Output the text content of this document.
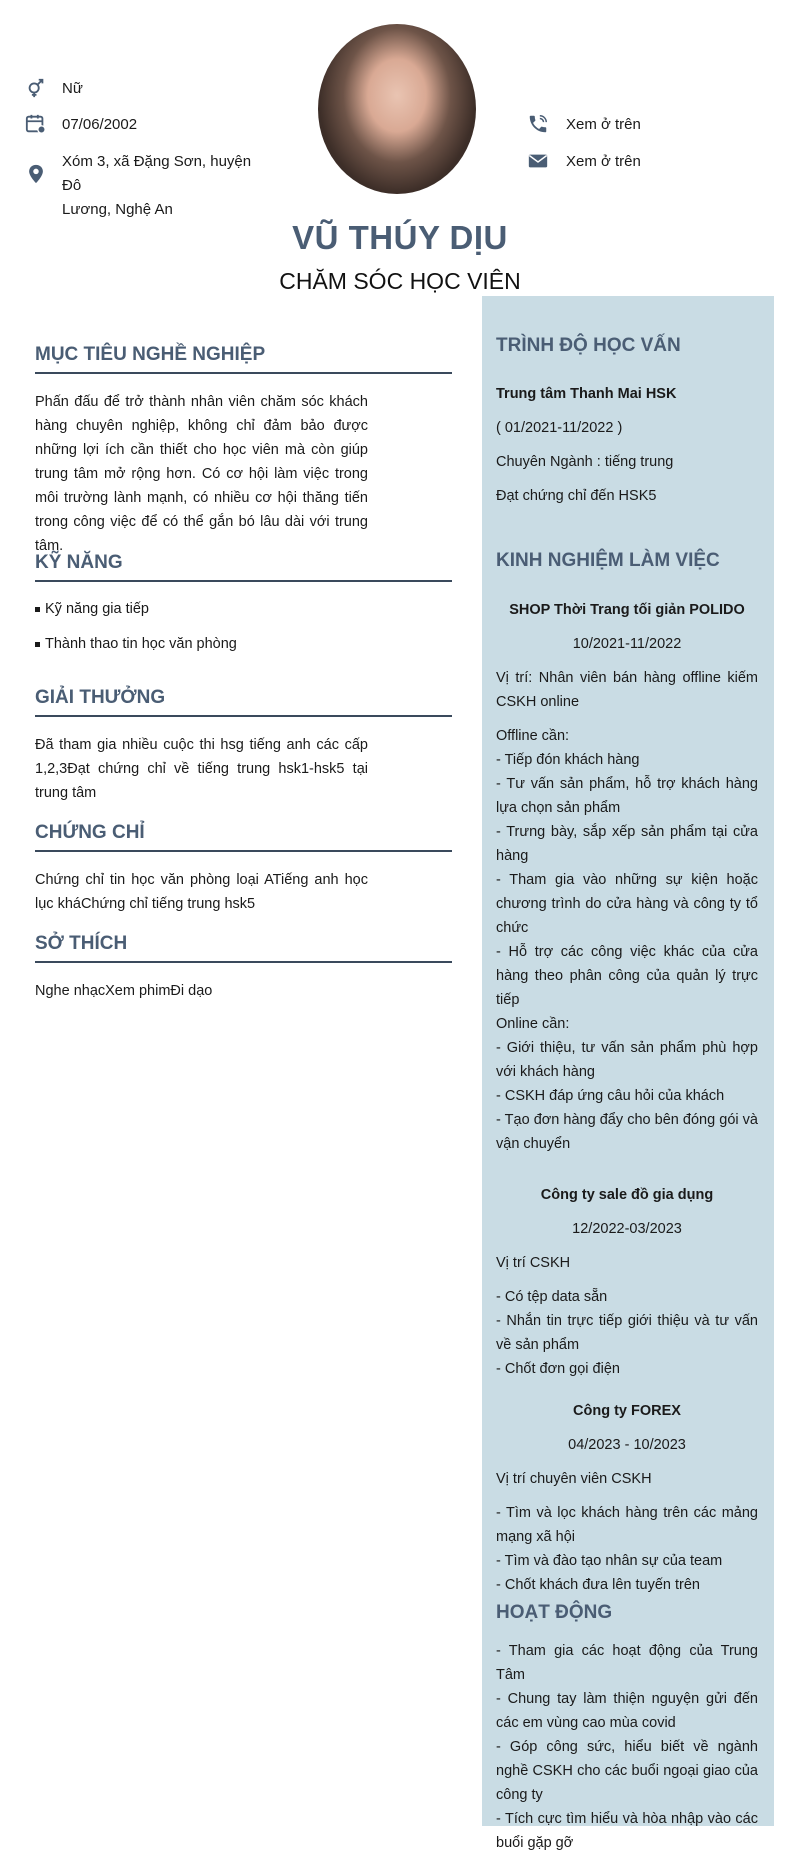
Nữ
07/06/2002
Xóm 3, xã Đặng Sơn, huyện Đô
Lương, Nghệ An
Xem ở trên
Xem ở trên
VŨ THÚY DỊU
CHĂM SÓC HỌC VIÊN
MỤC TIÊU NGHỀ NGHIỆP
Phấn đấu để trở thành nhân viên chăm sóc khách hàng chuyên nghiệp, không chỉ đảm bảo được những lợi ích cần thiết cho học viên mà còn giúp trung tâm mở rộng hơn. Có cơ hội làm việc trong môi trường lành mạnh, có nhiều cơ hội thăng tiến trong công việc để có thể gắn bó lâu dài với trung tâm.
KỸ NĂNG
Kỹ năng gia tiếp
Thành thao tin học văn phòng
GIẢI THƯỞNG
Đã tham gia nhiều cuộc thi hsg tiếng anh các cấp 1,2,3Đạt chứng chỉ về tiếng trung hsk1-hsk5 tại trung tâm
CHỨNG CHỈ
Chứng chỉ tin học văn phòng loại ATiếng anh học lục kháChứng chỉ tiếng trung hsk5
SỞ THÍCH
Nghe nhạcXem phimĐi dạo
TRÌNH ĐỘ HỌC VẤN
Trung tâm Thanh Mai HSK
( 01/2021-11/2022 )
Chuyên Ngành : tiếng trung
Đạt chứng chỉ đến HSK5
KINH NGHIỆM LÀM VIỆC
SHOP Thời Trang tối giản POLIDO
10/2021-11/2022
Vị trí: Nhân viên bán hàng offline kiếm CSKH online
Offline cần:
- Tiếp đón khách hàng
- Tư vấn sản phẩm, hỗ trợ khách hàng lựa chọn sản phẩm
- Trưng bày, sắp xếp sản phẩm tại cửa hàng
- Tham gia vào những sự kiện hoặc chương trình do cửa hàng và công ty tổ chức
- Hỗ trợ các công việc khác của cửa hàng theo phân công của quản lý trực tiếp
Online cần:
- Giới thiệu, tư vấn sản phẩm phù hợp với khách hàng
- CSKH đáp ứng câu hỏi của khách
- Tạo đơn hàng đẩy cho bên đóng gói và vận chuyển
Công ty sale đồ gia dụng
12/2022-03/2023
Vị trí CSKH
- Có tệp data sẵn
- Nhắn tin trực tiếp giới thiệu và tư vấn về sản phẩm
- Chốt đơn gọi điện
Công ty FOREX
04/2023 - 10/2023
Vị trí chuyên viên CSKH
- Tìm và lọc khách hàng trên các mảng mạng xã hội
- Tìm và đào tạo nhân sự của team
- Chốt khách đưa lên tuyến trên
HOẠT ĐỘNG
- Tham gia các hoạt động của Trung Tâm
- Chung tay làm thiện nguyện gửi đến các em vùng cao mùa covid
- Góp công sức, hiểu biết về ngành nghề CSKH cho các buổi ngoại giao của công ty
- Tích cực tìm hiểu và hòa nhập vào các buổi gặp gỡ
